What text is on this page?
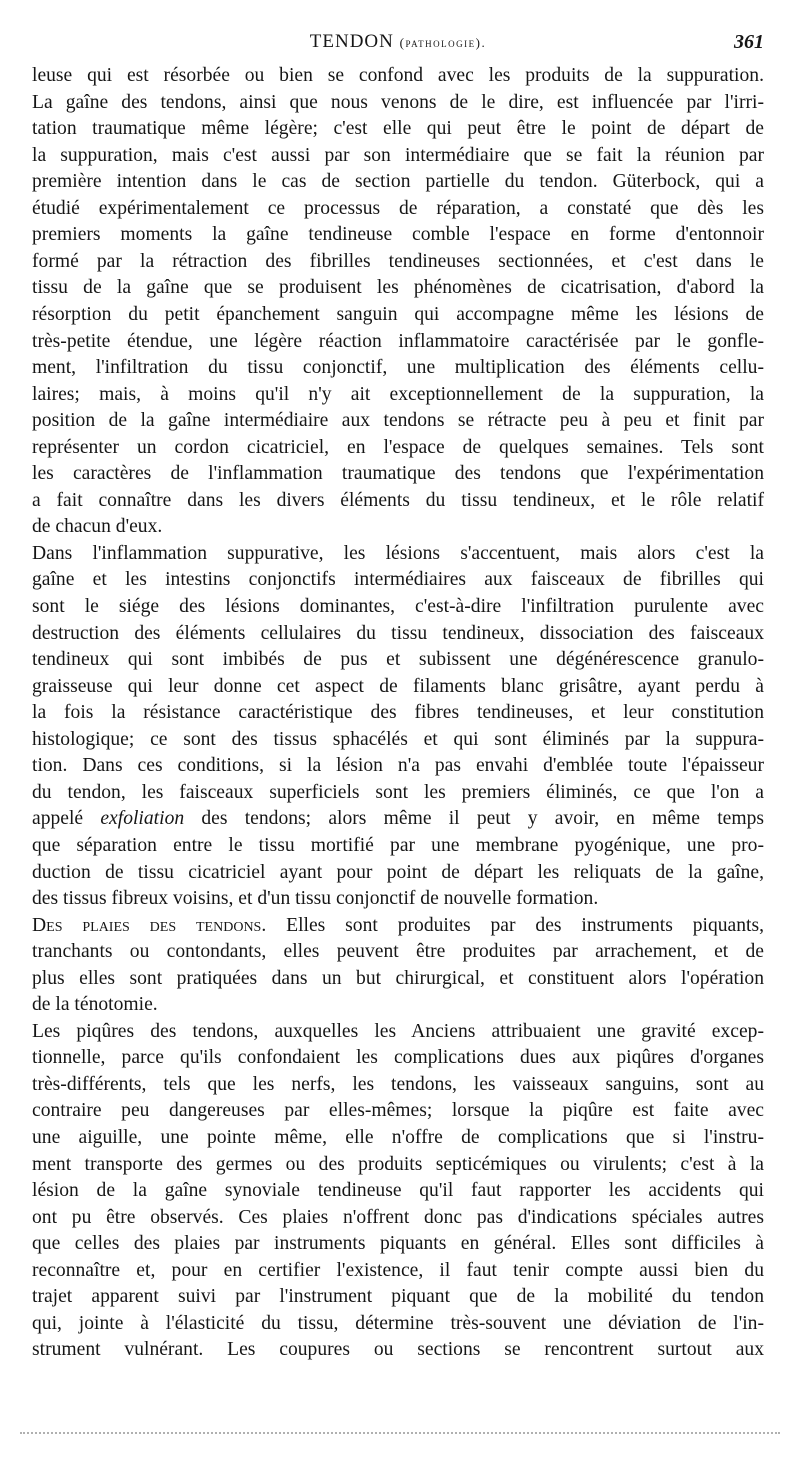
TENDON (pathologie).	361
leuse qui est résorbée ou bien se confond avec les produits de la suppuration.
La gaîne des tendons, ainsi que nous venons de le dire, est influencée par l'irri-
tation traumatique même légère; c'est elle qui peut être le point de départ de
la suppuration, mais c'est aussi par son intermédiaire que se fait la réunion par
première intention dans le cas de section partielle du tendon. Güterbock, qui a
étudié expérimentalement ce processus de réparation, a constaté que dès les
premiers moments la gaîne tendineuse comble l'espace en forme d'entonnoir
formé par la rétraction des fibrilles tendineuses sectionnées, et c'est dans le
tissu de la gaîne que se produisent les phénomènes de cicatrisation, d'abord la
résorption du petit épanchement sanguin qui accompagne même les lésions de
très-petite étendue, une légère réaction inflammatoire caractérisée par le gonfle-
ment, l'infiltration du tissu conjonctif, une multiplication des éléments cellu-
laires; mais, à moins qu'il n'y ait exceptionnellement de la suppuration, la
position de la gaîne intermédiaire aux tendons se rétracte peu à peu et finit par
représenter un cordon cicatriciel, en l'espace de quelques semaines. Tels sont
les caractères de l'inflammation traumatique des tendons que l'expérimentation
a fait connaître dans les divers éléments du tissu tendineux, et le rôle relatif
de chacun d'eux.
Dans l'inflammation suppurative, les lésions s'accentuent, mais alors c'est la
gaîne et les intestins conjonctifs intermédiaires aux faisceaux de fibrilles qui
sont le siége des lésions dominantes, c'est-à-dire l'infiltration purulente avec
destruction des éléments cellulaires du tissu tendineux, dissociation des faisceaux
tendineux qui sont imbibés de pus et subissent une dégénérescence granulo-
graisseuse qui leur donne cet aspect de filaments blanc grisâtre, ayant perdu à
la fois la résistance caractéristique des fibres tendineuses, et leur constitution
histologique; ce sont des tissus sphacélés et qui sont éliminés par la suppura-
tion. Dans ces conditions, si la lésion n'a pas envahi d'emblée toute l'épaisseur
du tendon, les faisceaux superficiels sont les premiers éliminés, ce que l'on a
appelé exfoliation des tendons; alors même il peut y avoir, en même temps
que séparation entre le tissu mortifié par une membrane pyogénique, une pro-
duction de tissu cicatriciel ayant pour point de départ les reliquats de la gaîne,
des tissus fibreux voisins, et d'un tissu conjonctif de nouvelle formation.
Des plaies des tendons. Elles sont produites par des instruments piquants,
tranchants ou contondants, elles peuvent être produites par arrachement, et de
plus elles sont pratiquées dans un but chirurgical, et constituent alors l'opération
de la ténotomie.
Les piqûres des tendons, auxquelles les Anciens attribuaient une gravité excep-
tionnelle, parce qu'ils confondaient les complications dues aux piqûres d'organes
très-différents, tels que les nerfs, les tendons, les vaisseaux sanguins, sont au
contraire peu dangereuses par elles-mêmes; lorsque la piqûre est faite avec
une aiguille, une pointe même, elle n'offre de complications que si l'instru-
ment transporte des germes ou des produits septicémiques ou virulents; c'est à la
lésion de la gaîne synoviale tendineuse qu'il faut rapporter les accidents qui
ont pu être observés. Ces plaies n'offrent donc pas d'indications spéciales autres
que celles des plaies par instruments piquants en général. Elles sont difficiles à
reconnaître et, pour en certifier l'existence, il faut tenir compte aussi bien du
trajet apparent suivi par l'instrument piquant que de la mobilité du tendon
qui, jointe à l'élasticité du tissu, détermine très-souvent une déviation de l'in-
strument vulnérant. Les coupures ou sections se rencontrent surtout aux
